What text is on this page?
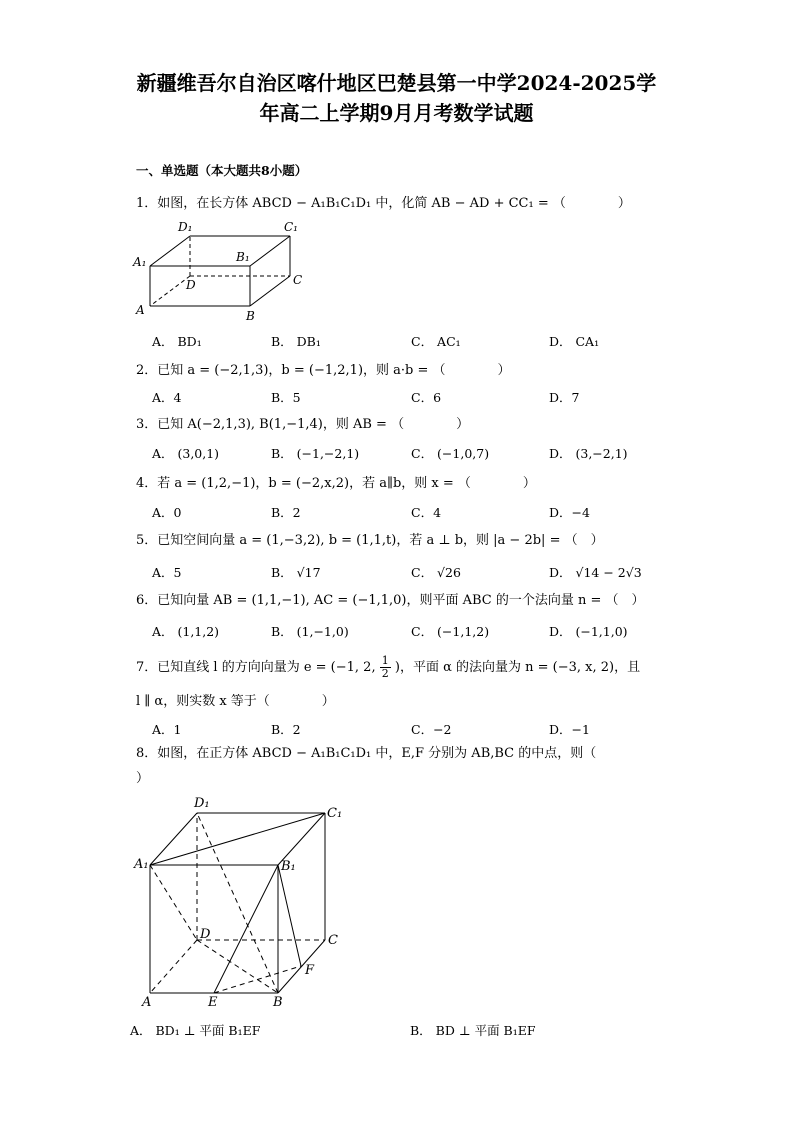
新疆维吾尔自治区喀什地区巴楚县第一中学2024-2025学
年高二上学期9月月考数学试题
一、单选题（本大题共8小题）
1．如图，在长方体 ABCD − A₁B₁C₁D₁ 中，化简 AB − AD + CC₁ = （　　　　）
D₁	C₁
A₁	B₁
D	C
A	B
A． BD₁	B． DB₁	C． AC₁	D． CA₁
2．已知 a = (−2,1,3)，b = (−1,2,1)，则 a·b = （　　　　）
A．4	B．5	C．6	D．7
3．已知 A(−2,1,3), B(1,−1,4)，则 AB = （　　　　）
A． (3,0,1)	B． (−1,−2,1)	C． (−1,0,7)	D． (3,−2,1)
4．若 a = (1,2,−1)，b = (−2,x,2)，若 a∥b，则 x = （　　　　）
A．0	B．2	C．4	D．−4
5．已知空间向量 a = (1,−3,2), b = (1,1,t)，若 a ⊥ b，则 |a − 2b| = （　）
A．5	B． √17	C． √26	D． √14 − 2√3
6．已知向量 AB = (1,1,−1), AC = (−1,1,0)，则平面 ABC 的一个法向量 n = （　）
A． (1,1,2)	B． (1,−1,0)	C． (−1,1,2)	D． (−1,1,0)
7．已知直线 l 的方向向量为 e = (−1, 2, $\frac{1}{2}$ )，平面 α 的法向量为 n = (−3, x, 2)，且
l ∥ α，则实数 x 等于（　　　　）
A．1	B．2	C．−2	D．−1
8．如图，在正方体 ABCD − A₁B₁C₁D₁ 中，E,F 分别为 AB,BC 的中点，则（
）
D₁
C₁
A₁	B₁
D	C
F
A	E	B
A． BD₁ ⊥ 平面 B₁EF	B． BD ⊥ 平面 B₁EF
